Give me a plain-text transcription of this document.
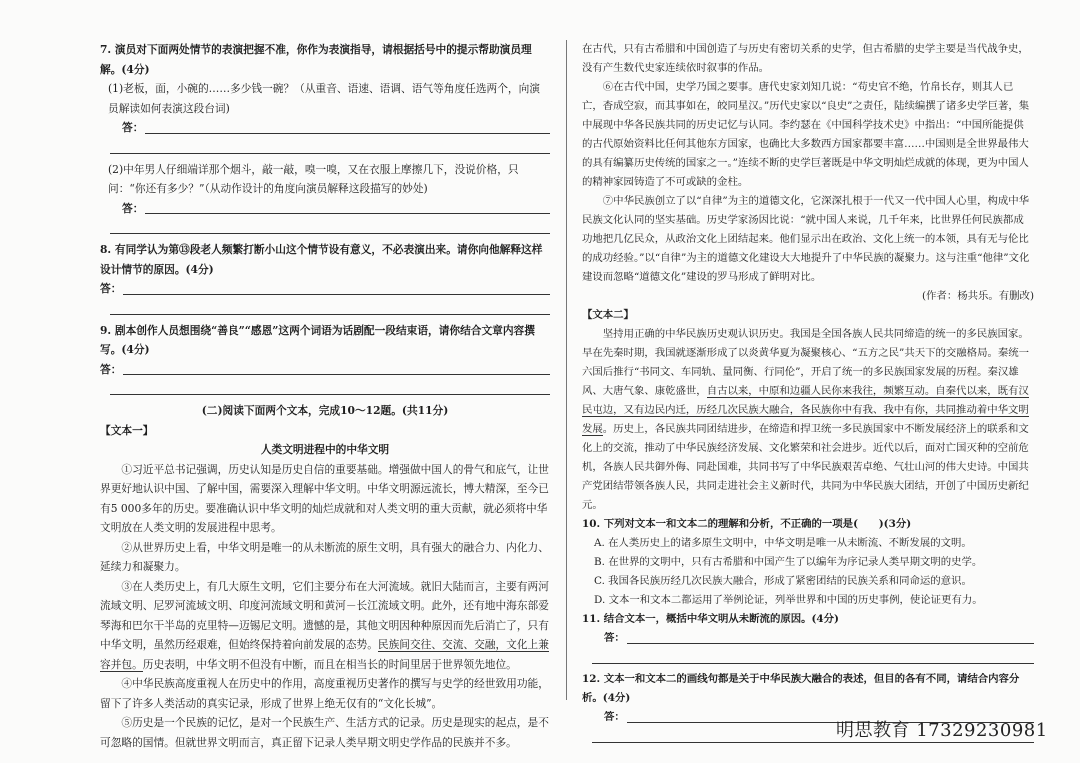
7. 演员对下面两处情节的表演把握不准，你作为表演指导，请根据括号中的提示帮助演员理解。(4分)

(1)老板，面，小碗的……多少钱一碗？（从重音、语速、语调、语气等角度任选两个，向演员解读如何表演这段台词)

答：

(2)中年男人仔细端详那个烟斗，敲一敲，嗅一嗅，又在衣服上摩擦几下，没说价格，只问：“你还有多少？”（从动作设计的角度向演员解释这段描写的妙处)

答：

8. 有同学认为第⑬段老人频繁打断小山这个情节设有意义，不必表演出来。请你向他解释这样设计情节的原因。(4分)

答：

9. 剧本创作人员想围绕“善良”“感恩”这两个词语为话剧配一段结束语，请你结合文章内容撰写。(4分)

答：

(二)阅读下面两个文本，完成10～12题。(共11分)

【文本一】

人类文明进程中的中华文明

①习近平总书记强调，历史认知是历史自信的重要基础。增强做中国人的骨气和底气，让世界更好地认识中国、了解中国，需要深入理解中华文明。中华文明源远流长，博大精深，至今已有5 000多年的历史。要准确认识中华文明的灿烂成就和对人类文明的重大贡献，就必须将中华文明放在人类文明的发展进程中思考。

②从世界历史上看，中华文明是唯一的从未断流的原生文明，具有强大的融合力、内化力、延续力和凝聚力。

③在人类历史上，有几大原生文明，它们主要分布在大河流域。就旧大陆而言，主要有两河流域文明、尼罗河流域文明、印度河流域文明和黄河－长江流域文明。此外，还有地中海东部爱琴海和巴尔干半岛的克里特—迈锡尼文明。遗憾的是，其他文明因种种原因而先后消亡了，只有中华文明，虽然历经艰难，但始终保持着向前发展的态势。民族间交往、交流、交融，文化上兼容并包。历史表明，中华文明不但没有中断，而且在相当长的时间里居于世界领先地位。

④中华民族高度重视人在历史中的作用，高度重视历史著作的撰写与史学的经世致用功能，留下了许多人类活动的真实记录，形成了世界上绝无仅有的“文化长城”。

⑤历史是一个民族的记忆，是对一个民族生产、生活方式的记录。历史是现实的起点，是不可忽略的国情。但就世界文明而言，真正留下记录人类早期文明史学作品的民族并不多。

在古代，只有古希腊和中国创造了与历史有密切关系的史学，但古希腊的史学主要是当代战争史，没有产生数代史家连续依时叙事的作品。

⑥在古代中国，史学乃国之要事。唐代史家刘知几说：“苟史官不绝，竹帛长存，则其人已亡，杳成空寂，而其事如在，皎同星汉。”历代史家以“良史”之责任，陆续编撰了诸多史学巨著，集中展现中华各民族共同的历史记忆与认同。李约瑟在《中国科学技术史》中指出：“中国所能提供的古代原始资料比任何其他东方国家，也确比大多数西方国家都要丰富……中国则是全世界最伟大的具有编纂历史传统的国家之一。”连续不断的史学巨著既是中华文明灿烂成就的体现，更为中国人的精神家园铸造了不可或缺的金柱。

⑦中华民族创立了以“自律”为主的道德文化，它深深扎根于一代又一代中国人心里，构成中华民族文化认同的坚实基础。历史学家汤因比说：“就中国人来说，几千年来，比世界任何民族都成功地把几亿民众，从政治文化上团结起来。他们显示出在政治、文化上统一的本领，具有无与伦比的成功经验。”以“自律”为主的道德文化建设大大地提升了中华民族的凝聚力。这与注重“他律”文化建设而忽略“道德文化”建设的罗马形成了鲜明对比。

(作者：杨共乐。有删改)

【文本二】

坚持用正确的中华民族历史观认识历史。我国是全国各族人民共同缔造的统一的多民族国家。早在先秦时期，我国就逐渐形成了以炎黄华夏为凝聚核心、“五方之民”共天下的交融格局。秦统一六国后推行“书同文、车同轨、量同衡、行同伦”，开启了统一的多民族国家发展的历程。秦汉雄风、大唐气象、康乾盛世，自古以来，中原和边疆人民你来我往，频繁互动。自秦代以来，既有汉民屯边，又有边民内迁，历经几次民族大融合，各民族你中有我、我中有你，共同推动着中华文明发展。历史上，各民族共同团结进步，在缔造和捍卫统一多民族国家中不断发展经济上的联系和文化上的交流，推动了中华民族经济发展、文化繁荣和社会进步。近代以后，面对亡国灭种的空前危机，各族人民共御外侮、同赴国难，共同书写了中华民族艰苦卓绝、气壮山河的伟大史诗。中国共产党团结带领各族人民，共同走进社会主义新时代，共同为中华民族大团结，开创了中国历史新纪元。

10. 下列对文本一和文本二的理解和分析，不正确的一项是(　　)(3分)

A. 在人类历史上的诸多原生文明中，中华文明是唯一从未断流、不断发展的文明。

B. 在世界的文明中，只有古希腊和中国产生了以编年为序记录人类早期文明的史学。

C. 我国各民族历经几次民族大融合，形成了紧密团结的民族关系和同命运的意识。

D. 文本一和文本二都运用了举例论证，列举世界和中国的历史事例，使论证更有力。

11. 结合文本一，概括中华文明从未断流的原因。(4分)

答：

12. 文本一和文本二的画线句都是关于中华民族大融合的表述，但目的各有不同，请结合内容分析。(4分)

答：
明思教育 17329230981
